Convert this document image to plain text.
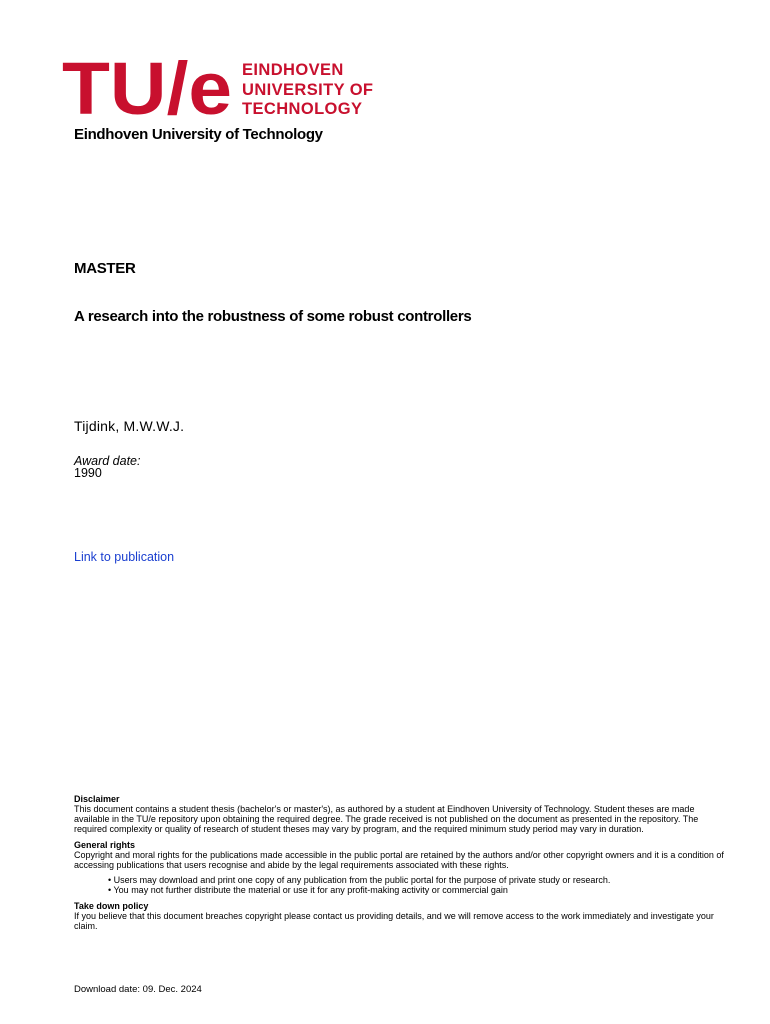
TU/e EINDHOVEN
UNIVERSITY OF
TECHNOLOGY
Eindhoven University of Technology
MASTER
A research into the robustness of some robust controllers
Tijdink, M.W.W.J.
Award date:
1990
Link to publication
Disclaimer
This document contains a student thesis (bachelor's or master's), as authored by a student at Eindhoven University of Technology. Student theses are made available in the TU/e repository upon obtaining the required degree. The grade received is not published on the document as presented in the repository. The required complexity or quality of research of student theses may vary by program, and the required minimum study period may vary in duration.
General rights
Copyright and moral rights for the publications made accessible in the public portal are retained by the authors and/or other copyright owners and it is a condition of accessing publications that users recognise and abide by the legal requirements associated with these rights.
• Users may download and print one copy of any publication from the public portal for the purpose of private study or research.
• You may not further distribute the material or use it for any profit-making activity or commercial gain
Take down policy
If you believe that this document breaches copyright please contact us providing details, and we will remove access to the work immediately and investigate your claim.
Download date: 09. Dec. 2024
